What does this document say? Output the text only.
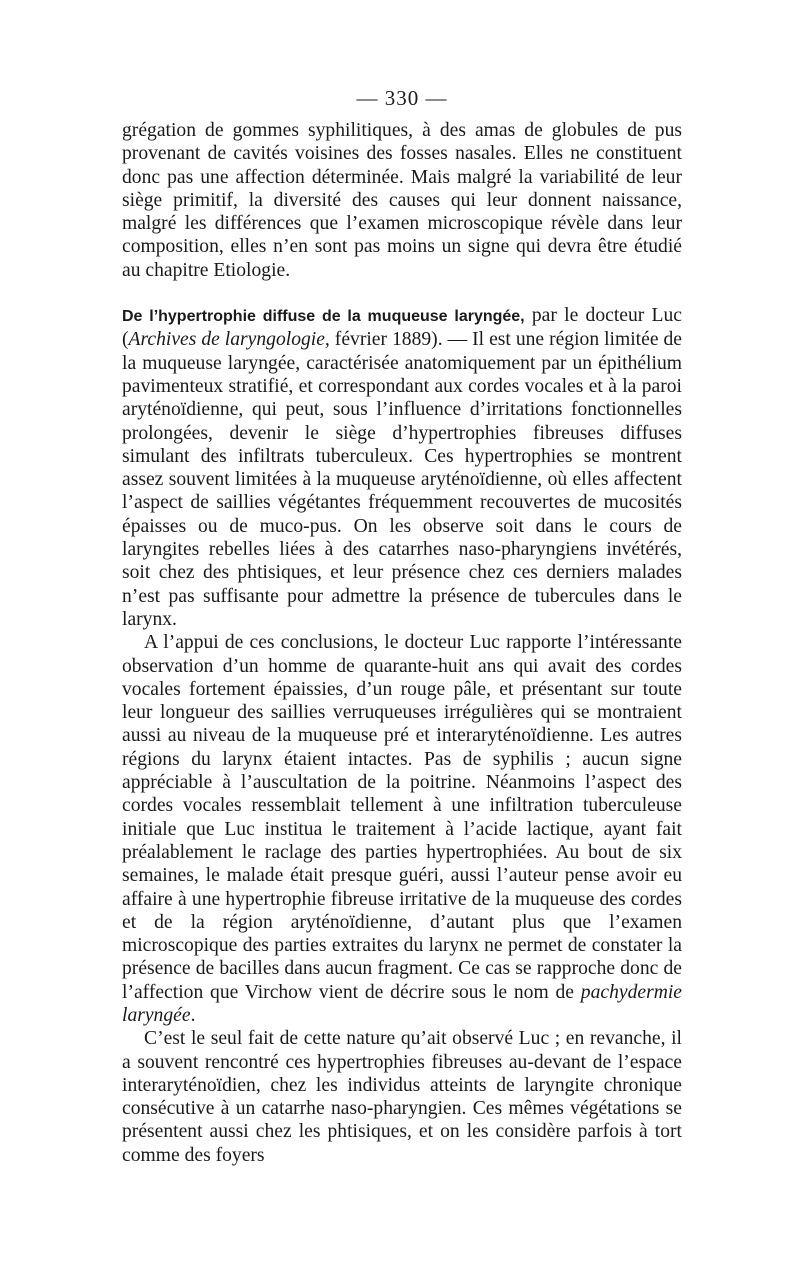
— 330 —

grégation de gommes syphilitiques, à des amas de globules de pus provenant de cavités voisines des fosses nasales. Elles ne constituent donc pas une affection déterminée. Mais malgré la variabilité de leur siège primitif, la diversité des causes qui leur donnent naissance, malgré les différences que l’examen microscopique révèle dans leur composition, elles n’en sont pas moins un signe qui devra être étudié au chapitre Etiologie.

De l’hypertrophie diffuse de la muqueuse laryngée, par le docteur Luc (Archives de laryngologie, février 1889). — Il est une région limitée de la muqueuse laryngée, caractérisée anatomiquement par un épithélium pavimenteux stratifié, et correspondant aux cordes vocales et à la paroi aryténoïdienne, qui peut, sous l’influence d’irritations fonctionnelles prolongées, devenir le siège d’hypertrophies fibreuses diffuses simulant des infiltrats tuberculeux. Ces hypertrophies se montrent assez souvent limitées à la muqueuse aryténoïdienne, où elles affectent l’aspect de saillies végétantes fréquemment recouvertes de mucosités épaisses ou de muco-pus. On les observe soit dans le cours de laryngites rebelles liées à des catarrhes naso-pharyngiens invétérés, soit chez des phtisiques, et leur présence chez ces derniers malades n’est pas suffisante pour admettre la présence de tubercules dans le larynx.

A l’appui de ces conclusions, le docteur Luc rapporte l’intéressante observation d’un homme de quarante-huit ans qui avait des cordes vocales fortement épaissies, d’un rouge pâle, et présentant sur toute leur longueur des saillies verruqueuses irrégulières qui se montraient aussi au niveau de la muqueuse pré et interaryténoïdienne. Les autres régions du larynx étaient intactes. Pas de syphilis ; aucun signe appréciable à l’auscultation de la poitrine. Néanmoins l’aspect des cordes vocales ressemblait tellement à une infiltration tuberculeuse initiale que Luc institua le traitement à l’acide lactique, ayant fait préalablement le raclage des parties hypertrophiées. Au bout de six semaines, le malade était presque guéri, aussi l’auteur pense avoir eu affaire à une hypertrophie fibreuse irritative de la muqueuse des cordes et de la région aryténoïdienne, d’autant plus que l’examen microscopique des parties extraites du larynx ne permet de constater la présence de bacilles dans aucun fragment. Ce cas se rapproche donc de l’affection que Virchow vient de décrire sous le nom de pachydermie laryngée.

C’est le seul fait de cette nature qu’ait observé Luc ; en revanche, il a souvent rencontré ces hypertrophies fibreuses au-devant de l’espace interaryténoïdien, chez les individus atteints de laryngite chronique consécutive à un catarrhe naso-pharyngien. Ces mêmes végétations se présentent aussi chez les phtisiques, et on les considère parfois à tort comme des foyers
